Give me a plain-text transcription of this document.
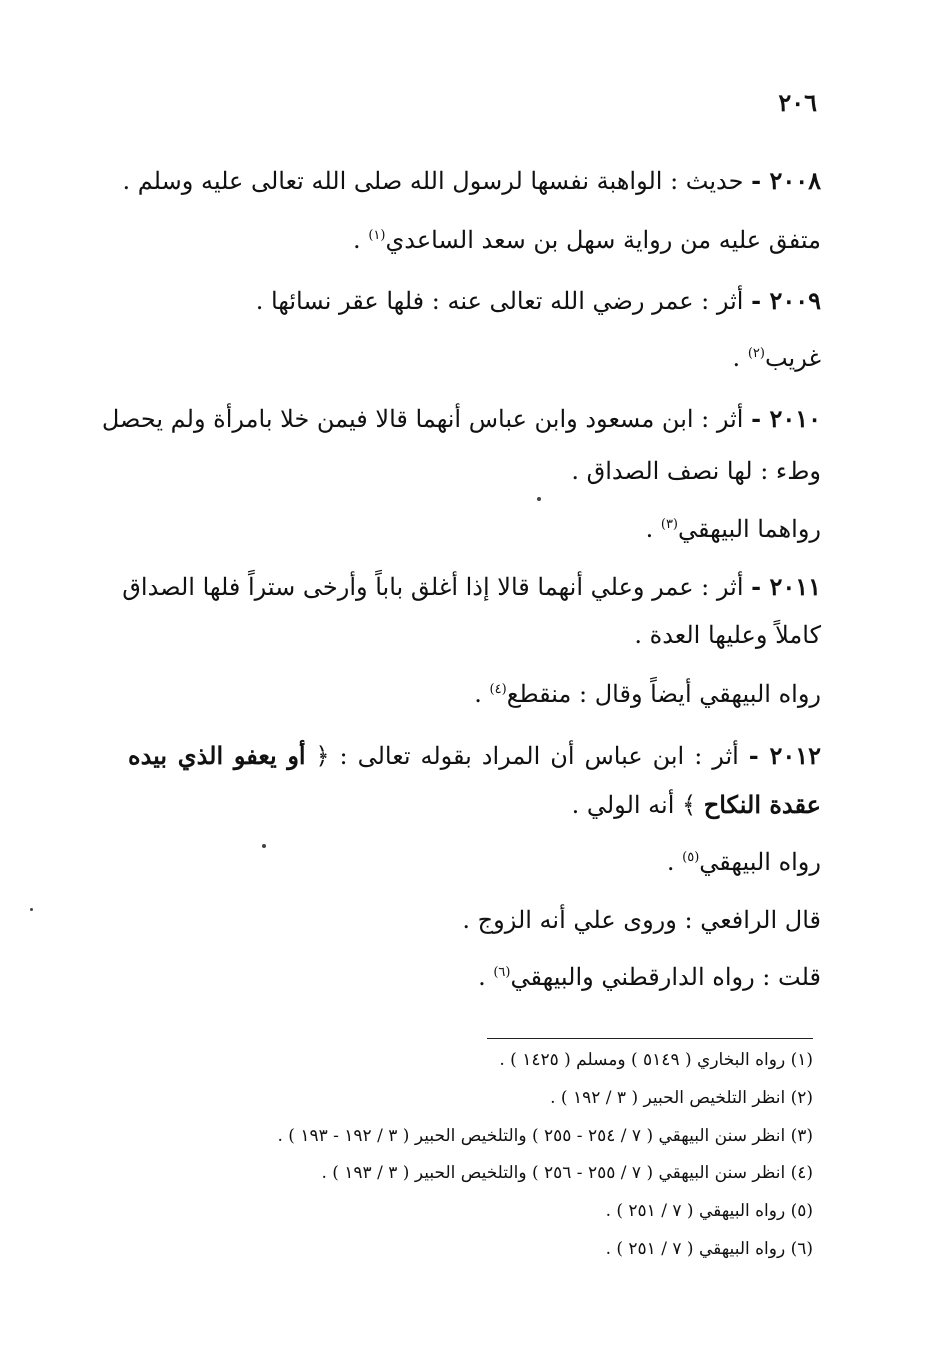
٢٠٦
٢٠٠٨ - حديث : الواهبة نفسها لرسول الله صلى الله تعالى عليه وسلم .
متفق عليه من رواية سهل بن سعد الساعدي$^{(١)}$ .
٢٠٠٩ - أثر : عمر رضي الله تعالى عنه : فلها عقر نسائها .
غريب$^{(٢)}$ .
٢٠١٠ - أثر : ابن مسعود وابن عباس أنهما قالا فيمن خلا بامرأة ولم يحصل
وطء : لها نصف الصداق .
رواهما البيهقي$^{(٣)}$ .
٢٠١١ - أثر : عمر وعلي أنهما قالا إذا أغلق باباً وأرخى ستراً فلها الصداق
كاملاً وعليها العدة .
رواه البيهقي أيضاً وقال : منقطع$^{(٤)}$ .
٢٠١٢ - أثر : ابن عباس أن المراد بقوله تعالى : ﴿ أو يعفو الذي بيده
عقدة النكاح ﴾ أنه الولي .
رواه البيهقي$^{(٥)}$ .
قال الرافعي : وروى علي أنه الزوج .
قلت : رواه الدارقطني والبيهقي$^{(٦)}$ .
(١) رواه البخاري ( ٥١٤٩ ) ومسلم ( ١٤٢٥ ) .
(٢) انظر التلخيص الحبير ( ٣ / ١٩٢ ) .
(٣) انظر سنن البيهقي ( ٧ / ٢٥٤ - ٢٥٥ ) والتلخيص الحبير ( ٣ / ١٩٢ - ١٩٣ ) .
(٤) انظر سنن البيهقي ( ٧ / ٢٥٥ - ٢٥٦ ) والتلخيص الحبير ( ٣ / ١٩٣ ) .
(٥) رواه البيهقي ( ٧ / ٢٥١ ) .
(٦) رواه البيهقي ( ٧ / ٢٥١ ) .
